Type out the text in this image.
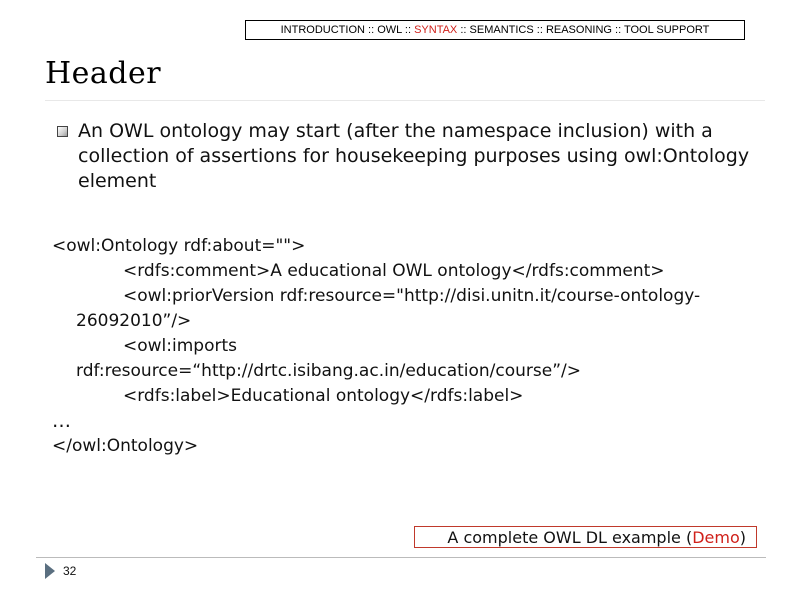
INTRODUCTION :: OWL :: SYNTAX :: SEMANTICS :: REASONING :: TOOL SUPPORT
Header
An OWL ontology may start (after the namespace inclusion) with a collection of assertions for housekeeping purposes using owl:Ontology element
<owl:Ontology rdf:about="">
<rdfs:comment>A educational OWL ontology</rdfs:comment>
<owl:priorVersion rdf:resource="http://disi.unitn.it/course-ontology-
26092010”/>
<owl:imports
rdf:resource=“http://drtc.isibang.ac.in/education/course”/>
<rdfs:label>Educational ontology</rdfs:label>
…
</owl:Ontology>
A complete OWL DL example (Demo)
32
